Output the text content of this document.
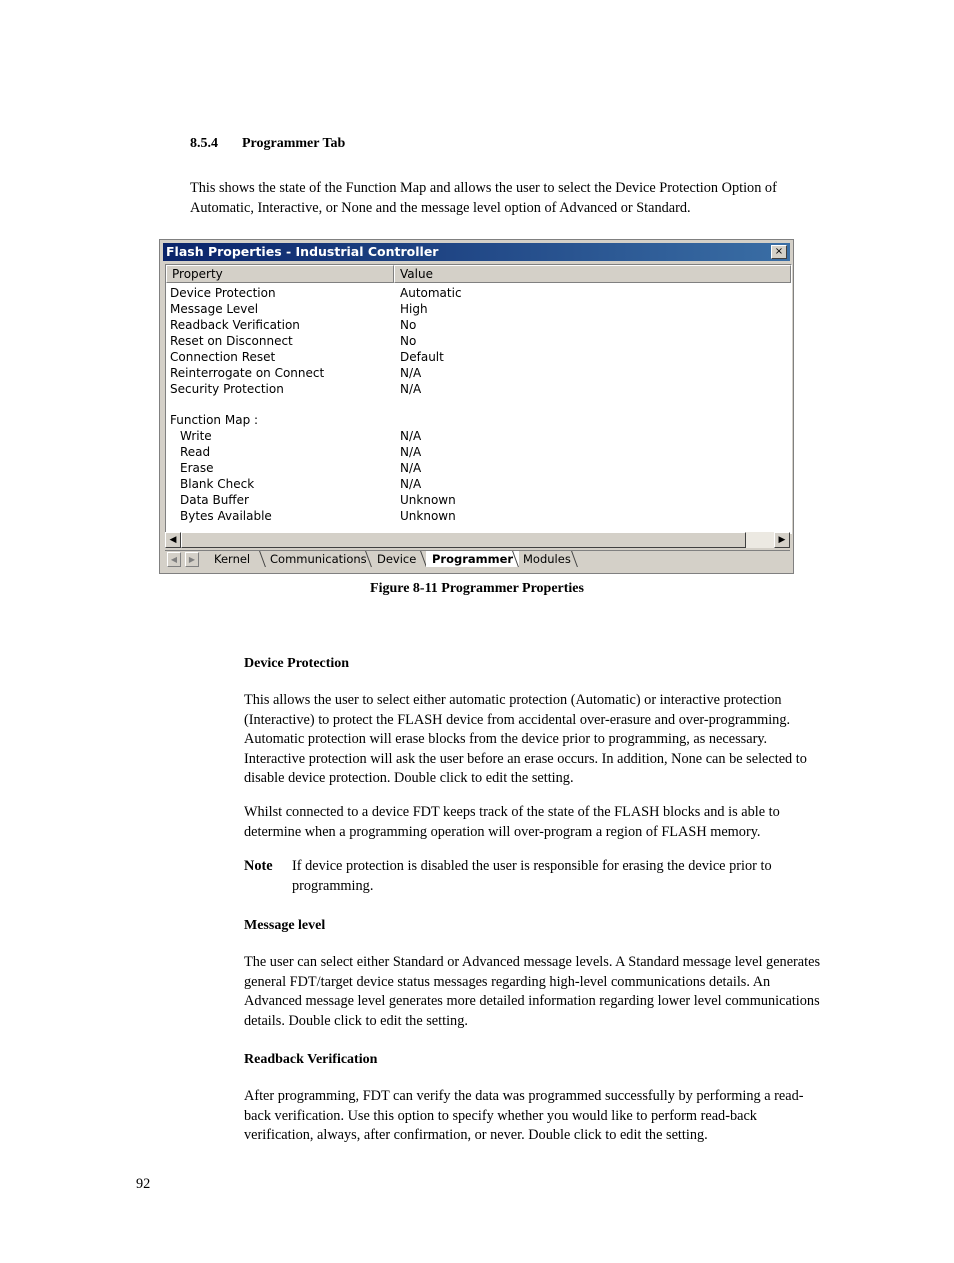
8.5.4 Programmer Tab
This shows the state of the Function Map and allows the user to select the Device Protection Option of Automatic, Interactive, or None and the message level option of Advanced or Standard.
Flash Properties - Industrial Controller	×
Property	Value
Device Protection	Automatic
Message Level	High
Readback Verification	No
Reset on Disconnect	No
Connection Reset	Default
Reinterrogate on Connect	N/A
Security Protection	N/A
Function Map :
Write	N/A
Read	N/A
Erase	N/A
Blank Check	N/A
Data Buffer	Unknown
Bytes Available	Unknown
◀	▶
◀	▶	Kernel	Communications Device	Programmer Modules
Figure 8-11 Programmer Properties
Device Protection
This allows the user to select either automatic protection (Automatic) or interactive protection (Interactive) to protect the FLASH device from accidental over-erasure and over-programming. Automatic protection will erase blocks from the device prior to programming, as necessary. Interactive protection will ask the user before an erase occurs. In addition, None can be selected to disable device protection. Double click to edit the setting.
Whilst connected to a device FDT keeps track of the state of the FLASH blocks and is able to determine when a programming operation will over-program a region of FLASH memory.
Note If device protection is disabled the user is responsible for erasing the device prior to programming.
Message level
The user can select either Standard or Advanced message levels. A Standard message level generates general FDT/target device status messages regarding high-level communications details. An Advanced message level generates more detailed information regarding lower level communications details. Double click to edit the setting.
Readback Verification
After programming, FDT can verify the data was programmed successfully by performing a read-back verification. Use this option to specify whether you would like to perform read-back verification, always, after confirmation, or never. Double click to edit the setting.
92
